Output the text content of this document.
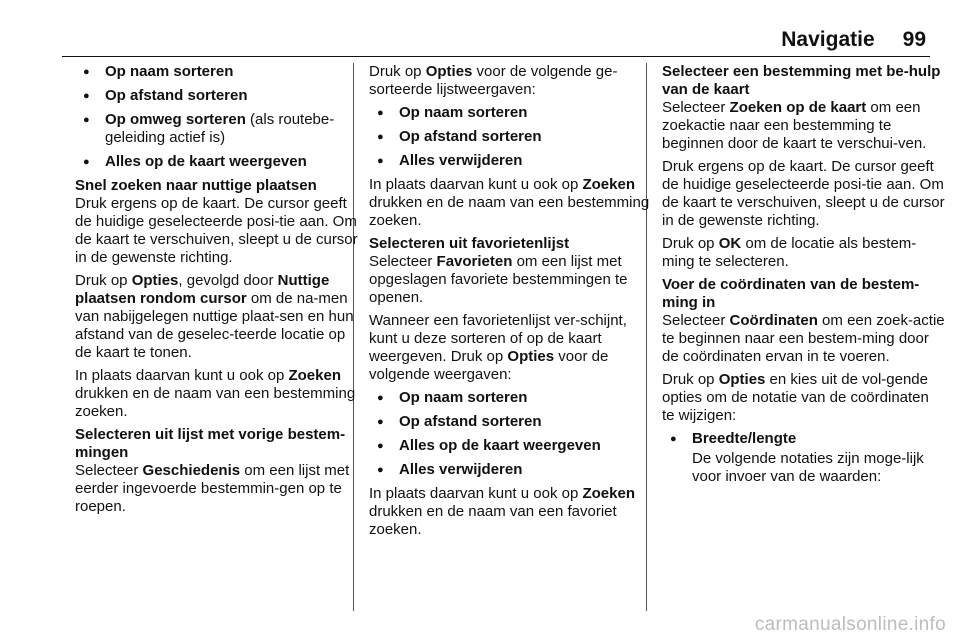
Navigatie 99
● Op naam sorteren
● Op afstand sorteren
● Op omweg sorteren (als routebe-geleiding actief is)
● Alles op de kaart weergeven

Snel zoeken naar nuttige plaatsen

Druk ergens op de kaart. De cursor geeft de huidige geselecteerde posi-tie aan. Om de kaart te verschuiven, sleept u de cursor in de gewenste richting.

Druk op Opties, gevolgd door Nuttige plaatsen rondom cursor om de na-men van nabijgelegen nuttige plaat-sen en hun afstand van de geselec-teerde locatie op de kaart te tonen.

In plaats daarvan kunt u ook op Zoeken drukken en de naam van een bestemming zoeken.

Selecteren uit lijst met vorige bestem-mingen

Selecteer Geschiedenis om een lijst met eerder ingevoerde bestemmin-gen op te roepen.

Druk op Opties voor de volgende ge-sorteerde lijstweergaven:

● Op naam sorteren
● Op afstand sorteren
● Alles verwijderen

In plaats daarvan kunt u ook op Zoeken drukken en de naam van een bestemming zoeken.

Selecteren uit favorietenlijst

Selecteer Favorieten om een lijst met opgeslagen favoriete bestemmingen te openen.

Wanneer een favorietenlijst ver-schijnt, kunt u deze sorteren of op de kaart weergeven. Druk op Opties voor de volgende weergaven:

● Op naam sorteren
● Op afstand sorteren
● Alles op de kaart weergeven
● Alles verwijderen

In plaats daarvan kunt u ook op Zoeken drukken en de naam van een favoriet zoeken.

Selecteer een bestemming met be-hulp van de kaart

Selecteer Zoeken op de kaart om een zoekactie naar een bestemming te beginnen door de kaart te verschui-ven.

Druk ergens op de kaart. De cursor geeft de huidige geselecteerde posi-tie aan. Om de kaart te verschuiven, sleept u de cursor in de gewenste richting.

Druk op OK om de locatie als bestem-ming te selecteren.

Voer de coördinaten van de bestem-ming in

Selecteer Coördinaten om een zoek-actie te beginnen naar een bestem-ming door de coördinaten ervan in te voeren.

Druk op Opties en kies uit de vol-gende opties om de notatie van de coördinaten te wijzigen:

● Breedte/lengte

De volgende notaties zijn moge-lijk voor invoer van de waarden:

carmanualsonline.info
